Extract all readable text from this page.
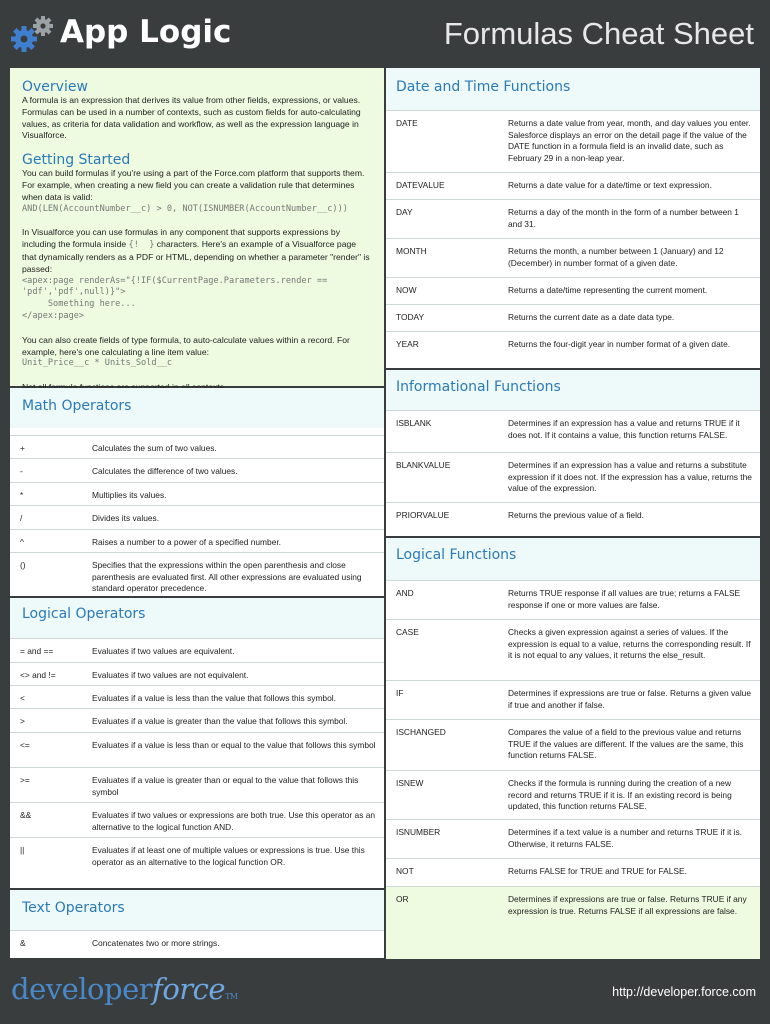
App Logic	Formulas Cheat Sheet
Overview

A formula is an expression that derives its value from other fields, expressions, or values. Formulas can be used in a number of contexts, such as custom fields for auto-calculating values, as criteria for data validation and workflow, as well as the expression language in Visualforce.

Getting Started

You can build formulas if you're using a part of the Force.com platform that supports them. For example, when creating a new field you can create a validation rule that determines when data is valid:

AND(LEN(AccountNumber__c) > 0, NOT(ISNUMBER(AccountNumber__c)))

In Visualforce you can use formulas in any component that supports expressions by including the formula inside {!  } characters. Here's an example of a Visualforce page that dynamically renders as a PDF or HTML, depending on whether a parameter "render" is passed:

<apex:page renderAs="{!IF($CurrentPage.Parameters.render ==
'pdf','pdf',null)}">
Something here...
</apex:page>

You can also create fields of type formula, to auto-calculate values within a record. For example, here's one calculating a line item value:

Unit_Price__c * Units_Sold__c

Math Operators
+	Calculates the sum of two values.
-	Calculates the difference of two values.
*	Multiplies its values.
/	Divides its values.
^	Raises a number to a power of a specified number.
()	Specifies that the expressions within the open parenthesis and close parenthesis are evaluated first. All other expressions are evaluated using standard operator precedence.
Logical Operators
= and ==	Evaluates if two values are equivalent.
<> and !=	Evaluates if two values are not equivalent.
<	Evaluates if a value is less than the value that follows this symbol.
>	Evaluates if a value is greater than the value that follows this symbol.
<=	Evaluates if a value is less than or equal to the value that follows this symbol
>=	Evaluates if a value is greater than or equal to the value that follows this symbol
&&	Evaluates if two values or expressions are both true. Use this operator as an alternative to the logical function AND.
||	Evaluates if at least one of multiple values or expressions is true. Use this operator as an alternative to the logical function OR.
Text Operators
&	Concatenates two or more strings.
Date and Time Functions
DATE	Returns a date value from year, month, and day values you enter. Salesforce displays an error on the detail page if the value of the DATE function in a formula field is an invalid date, such as February 29 in a non-leap year.
DATEVALUE	Returns a date value for a date/time or text expression.
DAY	Returns a day of the month in the form of a number between 1 and 31.
MONTH	Returns the month, a number between 1 (January) and 12 (December) in number format of a given date.
NOW	Returns a date/time representing the current moment.
TODAY	Returns the current date as a date data type.
YEAR	Returns the four-digit year in number format of a given date.
Informational Functions
ISBLANK	Determines if an expression has a value and returns TRUE if it does not. If it contains a value, this function returns FALSE.
BLANKVALUE	Determines if an expression has a value and returns a substitute expression if it does not. If the expression has a value, returns the value of the expression.
PRIORVALUE	Returns the previous value of a field.
Logical Functions
AND	Returns TRUE response if all values are true; returns a FALSE response if one or more values are false.
CASE	Checks a given expression against a series of values. If the expression is equal to a value, returns the corresponding result. If it is not equal to any values, it returns the else_result.
IF	Determines if expressions are true or false. Returns a given value if true and another if false.
ISCHANGED	Compares the value of a field to the previous value and returns TRUE if the values are different. If the values are the same, this function returns FALSE.
ISNEW	Checks if the formula is running during the creation of a new record and returns TRUE if it is. If an existing record is being updated, this function returns FALSE.
ISNUMBER	Determines if a text value is a number and returns TRUE if it is. Otherwise, it returns FALSE.
NOT	Returns FALSE for TRUE and TRUE for FALSE.
OR	Determines if expressions are true or false. Returns TRUE if any expression is true. Returns FALSE if all expressions are false.
developerforceTM	http://developer.force.com
